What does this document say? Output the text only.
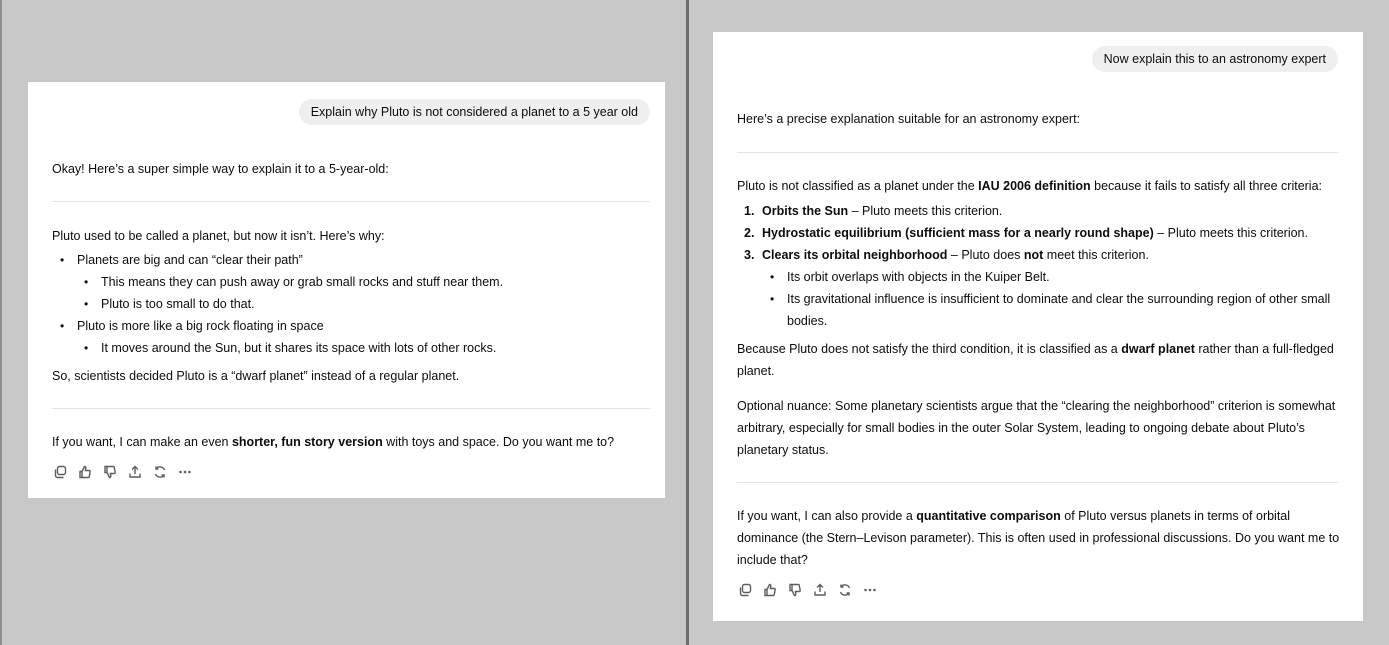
Explain why Pluto is not considered a planet to a 5 year old
Okay! Here’s a super simple way to explain it to a 5-year-old:
Pluto used to be called a planet, but now it isn’t. Here’s why:
• Planets are big and can “clear their path”
• This means they can push away or grab small rocks and stuff near them.
• Pluto is too small to do that.
• Pluto is more like a big rock floating in space
• It moves around the Sun, but it shares its space with lots of other rocks.
So, scientists decided Pluto is a “dwarf planet” instead of a regular planet.
If you want, I can make an even shorter, fun story version with toys and space. Do you want me to?
Now explain this to an astronomy expert
Here’s a precise explanation suitable for an astronomy expert:
Pluto is not classified as a planet under the IAU 2006 definition because it fails to satisfy all three criteria:
1. Orbits the Sun – Pluto meets this criterion.
2. Hydrostatic equilibrium (sufficient mass for a nearly round shape) – Pluto meets this criterion.
3. Clears its orbital neighborhood – Pluto does not meet this criterion.
• Its orbit overlaps with objects in the Kuiper Belt.
• Its gravitational influence is insufficient to dominate and clear the surrounding region of other small
bodies.
Because Pluto does not satisfy the third condition, it is classified as a dwarf planet rather than a full-fledged
planet.
Optional nuance: Some planetary scientists argue that the “clearing the neighborhood” criterion is somewhat
arbitrary, especially for small bodies in the outer Solar System, leading to ongoing debate about Pluto’s
planetary status.
If you want, I can also provide a quantitative comparison of Pluto versus planets in terms of orbital
dominance (the Stern–Levison parameter). This is often used in professional discussions. Do you want me to
include that?
